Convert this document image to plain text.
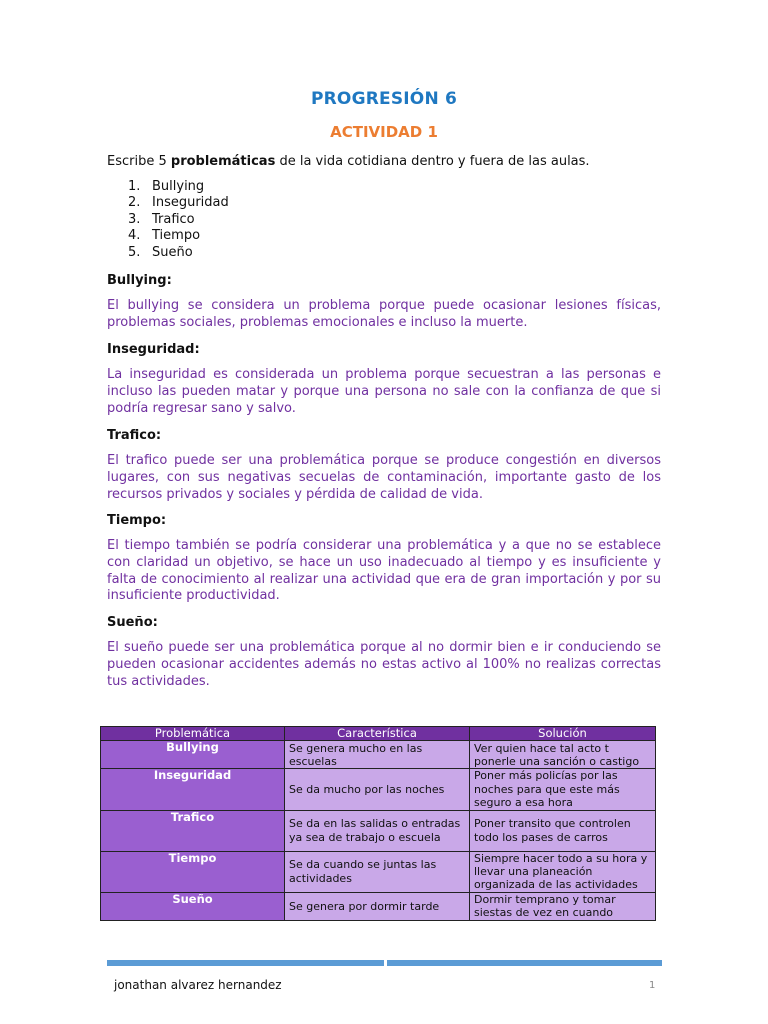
PROGRESIÓN 6
ACTIVIDAD 1
Escribe 5 problemáticas de la vida cotidiana dentro y fuera de las aulas.
1. Bullying
2. Inseguridad
3. Trafico
4. Tiempo
5. Sueño
Bullying:

El bullying se considera un problema porque puede ocasionar lesiones físicas, problemas sociales, problemas emocionales e incluso la muerte.

Inseguridad:

La inseguridad es considerada un problema porque secuestran a las personas e incluso las pueden matar y porque una persona no sale con la confianza de que si podría regresar sano y salvo.

Trafico:

El trafico puede ser una problemática porque se produce congestión en diversos lugares, con sus negativas secuelas de contaminación, importante gasto de los recursos privados y sociales y pérdida de calidad de vida.

Tiempo:

El tiempo también se podría considerar una problemática y a que no se establece con claridad un objetivo, se hace un uso inadecuado al tiempo y es insuficiente y falta de conocimiento al realizar una actividad que era de gran importación y por su insuficiente productividad.

Sueño:

El sueño puede ser una problemática porque al no dormir bien e ir conduciendo se pueden ocasionar accidentes además no estas activo al 100% no realizas correctas tus actividades.

Problemática	Característica	Solución
Bullying	Se genera mucho en las escuelas	Ver quien hace tal acto t ponerle una sanción o castigo
Inseguridad	Se da mucho por las noches	Poner más policías por las noches para que este más seguro a esa hora
Trafico	Se da en las salidas o entradas ya sea de trabajo o escuela	Poner transito que controlen todo los pases de carros
Tiempo	Se da cuando se juntas las actividades	Siempre hacer todo a su hora y llevar una planeación organizada de las actividades
Sueño	Se genera por dormir tarde	Dormir temprano y tomar siestas de vez en cuando
jonathan alvarez hernandez	1
